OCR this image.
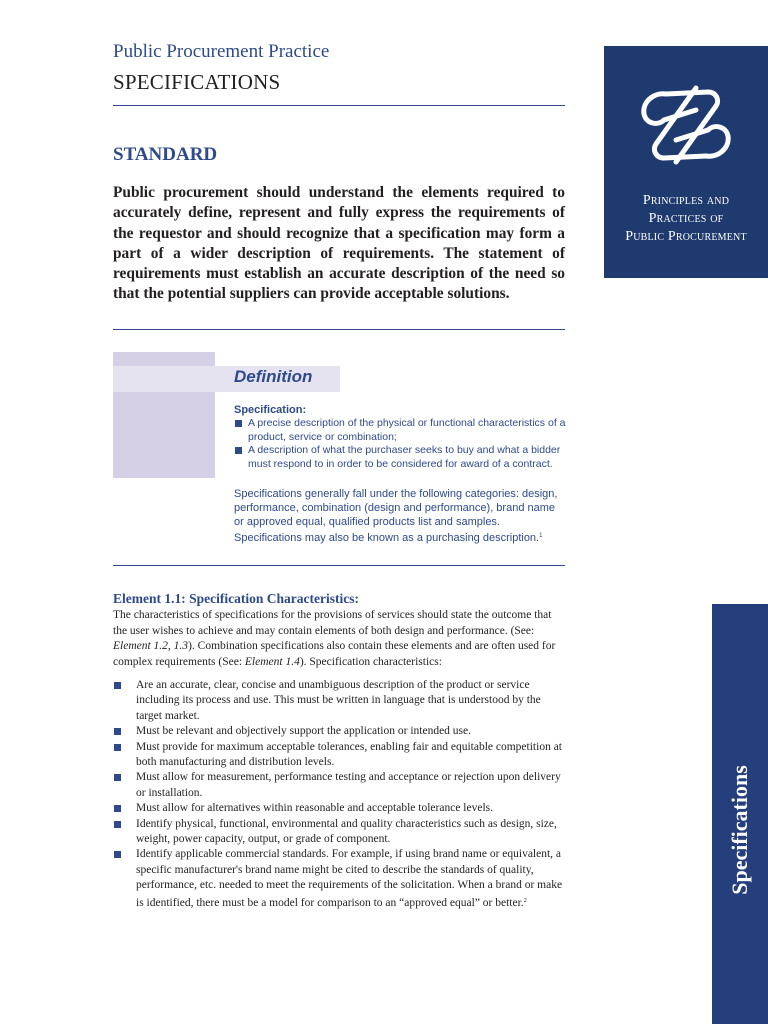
Public Procurement Practice
SPECIFICATIONS
Principles and
Practices of
Public Procurement
STANDARD
Public procurement should understand the elements required to accurately define, represent and fully express the requirements of the requestor and should recognize that a specification may form a part of a wider description of requirements. The statement of requirements must establish an accurate description of the need so that the potential suppliers can provide acceptable solutions.
Definition
Specification:
A precise description of the physical or functional characteristics of a product, service or combination;
A description of what the purchaser seeks to buy and what a bidder must respond to in order to be considered for award of a contract.
Specifications generally fall under the following categories: design, performance, combination (design and performance), brand name or approved equal, qualified products list and samples. Specifications may also be known as a purchasing description.$^1$
Element 1.1: Specification Characteristics:
The characteristics of specifications for the provisions of services should state the outcome that the user wishes to achieve and may contain elements of both design and performance. (See: Element 1.2, 1.3). Combination specifications also contain these elements and are often used for complex requirements (See: Element 1.4). Specification characteristics:
Are an accurate, clear, concise and unambiguous description of the product or service including its process and use. This must be written in language that is understood by the target market.
Must be relevant and objectively support the application or intended use.
Must provide for maximum acceptable tolerances, enabling fair and equitable competition at both manufacturing and distribution levels.
Must allow for measurement, performance testing and acceptance or rejection upon delivery or installation.
Must allow for alternatives within reasonable and acceptable tolerance levels.
Identify physical, functional, environmental and quality characteristics such as design, size, weight, power capacity, output, or grade of component.
Identify applicable commercial standards. For example, if using brand name or equivalent, a specific manufacturer's brand name might be cited to describe the standards of quality, performance, etc. needed to meet the requirements of the solicitation. When a brand or make is identified, there must be a model for comparison to an “approved equal” or better.$^2$
Specifications
